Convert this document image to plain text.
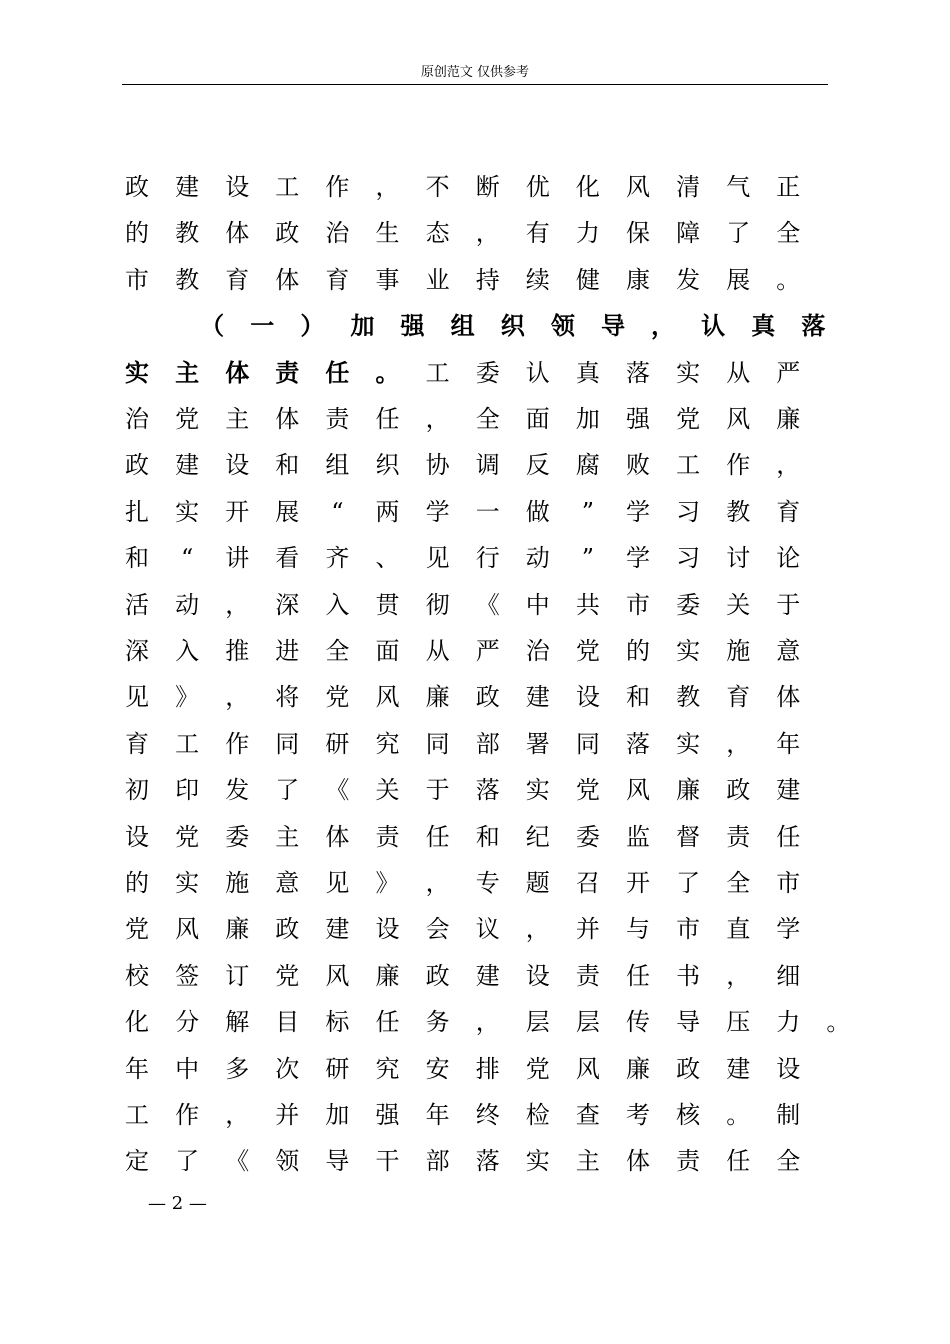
原创范文 仅供参考
政 建 设 工 作 ， 不 断 优 化 风 清 气 正
的 教 体 政 治 生 态 ， 有 力 保 障 了 全
市 教 育 体 育 事 业 持 续 健 康 发 展 。
（ 一 ） 加 强 组 织 领 导 ， 认 真 落
实 主 体 责 任 。 工 委 认 真 落 实 从 严
治 党 主 体 责 任 ， 全 面 加 强 党 风 廉
政 建 设 和 组 织 协 调 反 腐 败 工 作 ，
扎 实 开 展	“	两 学 一 做	”	学 习 教 育
和	“	讲 看 齐 、 见 行 动	”	学 习 讨 论
活 动 ， 深 入 贯 彻 《 中 共 市 委 关 于
深 入 推 进 全 面 从 严 治 党 的 实 施 意
见 》 ， 将 党 风 廉 政 建 设 和 教 育 体
育 工 作 同 研 究 同 部 署 同 落 实 ， 年
初 印 发 了 《 关 于 落 实 党 风 廉 政 建
设 党 委 主 体 责 任 和 纪 委 监 督 责 任
的 实 施 意 见 》 ， 专 题 召 开 了 全 市
党 风 廉 政 建 设 会 议 ， 并 与 市 直 学
校 签 订 党 风 廉 政 建 设 责 任 书 ， 细
化 分 解 目 标 任 务 ， 层 层 传 导 压 力 。
年 中 多 次 研 究 安 排 党 风 廉 政 建 设
工 作 ， 并 加 强 年 终 检 查 考 核 。 制
定 了 《 领 导 干 部 落 实 主 体 责 任 全
— 2 —
